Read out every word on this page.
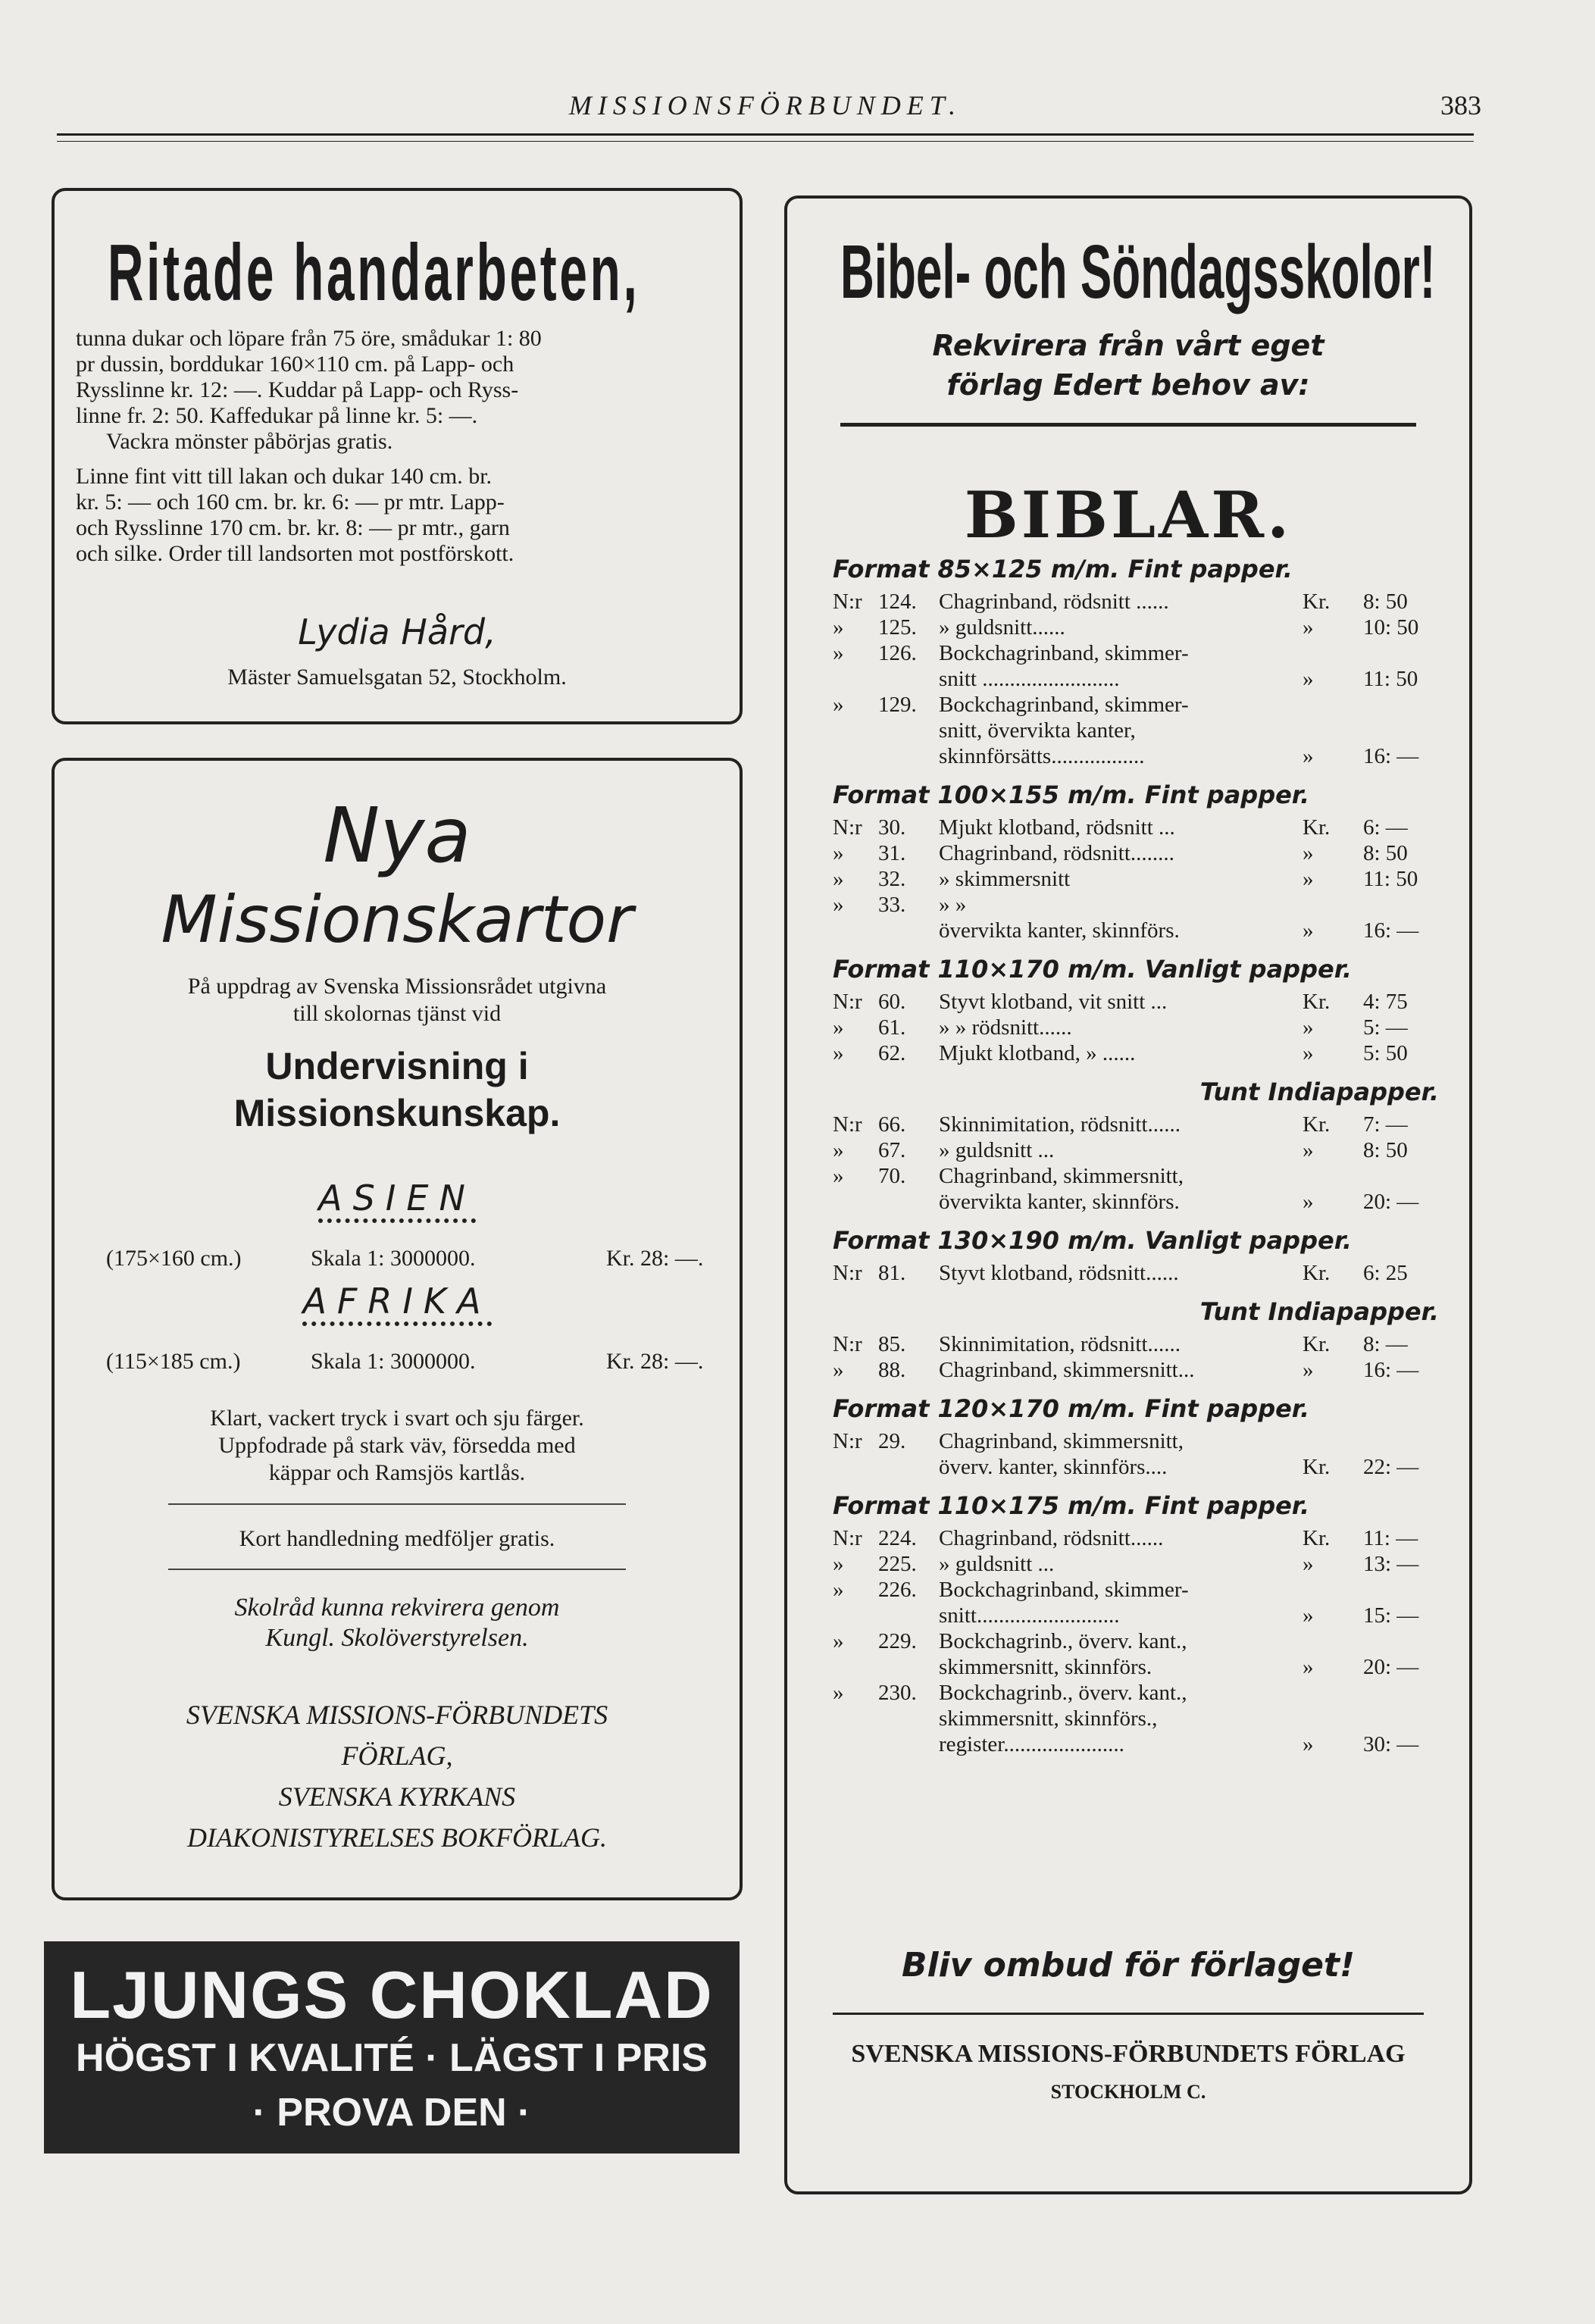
MISSIONSFÖRBUNDET.	383
Ritade handarbeten,
tunna dukar och löpare från 75 öre, smådukar 1: 80
pr dussin, borddukar 160×110 cm. på Lapp- och
Rysslinne kr. 12: —. Kuddar på Lapp- och Ryss-
linne fr. 2: 50. Kaffedukar på linne kr. 5: —.
Vackra mönster påbörjas gratis.
Linne fint vitt till lakan och dukar 140 cm. br.
kr. 5: — och 160 cm. br. kr. 6: — pr mtr. Lapp-
och Rysslinne 170 cm. br. kr. 8: — pr mtr., garn
och silke. Order till landsorten mot postförskott.
Lydia Hård,
Mäster Samuelsgatan 52, Stockholm.
Nya
Missionskartor
På uppdrag av Svenska Missionsrådet utgivna
till skolornas tjänst vid
Undervisning i
Missionskunskap.
ASIEN
(175×160 cm.)	Skala 1: 3000000.	Kr. 28: —.
AFRIKA
(115×185 cm.)	Skala 1: 3000000.	Kr. 28: —.
Klart, vackert tryck i svart och sju färger.
Uppfodrade på stark väv, försedda med
käppar och Ramsjös kartlås.
Kort handledning medföljer gratis.
Skolråd kunna rekvirera genom
Kungl. Skolöverstyrelsen.
SVENSKA MISSIONS-FÖRBUNDETS
FÖRLAG,
SVENSKA KYRKANS
DIAKONISTYRELSES BOKFÖRLAG.
LJUNGS CHOKLAD
HÖGST I KVALITÉ · LÄGST I PRIS
· PROVA DEN ·
Bibel- och Söndagsskolor!
Rekvirera från vårt eget
förlag Edert behov av:
BIBLAR.
Format 85×125 m/m. Fint papper.
N:r 124. Chagrinband, rödsnitt ......	Kr. 8: 50
» 125. » guldsnitt......	» 10: 50
» 126. Bockchagrinband, skimmer-
snitt .........................	» 11: 50
» 129. Bockchagrinband, skimmer-
snitt, övervikta kanter,
skinnförsätts.................	» 16: —
Format 100×155 m/m. Fint papper.
N:r 30. Mjukt klotband, rödsnitt ...	Kr. 6: —
» 31. Chagrinband, rödsnitt........	» 8: 50
» 32. » skimmersnitt	» 11: 50
» 33. » »
övervikta kanter, skinnförs.	» 16: —
Format 110×170 m/m. Vanligt papper.
N:r 60. Styvt klotband, vit snitt ...	Kr. 4: 75
» 61. » » rödsnitt......	» 5: —
» 62. Mjukt klotband, » ......	» 5: 50
Tunt Indiapapper.
N:r 66. Skinnimitation, rödsnitt......	Kr. 7: —
» 67. » guldsnitt ...	» 8: 50
» 70. Chagrinband, skimmersnitt,
övervikta kanter, skinnförs.	» 20: —
Format 130×190 m/m. Vanligt papper.
N:r 81. Styvt klotband, rödsnitt......	Kr. 6: 25
Tunt Indiapapper.
N:r 85. Skinnimitation, rödsnitt......	Kr. 8: —
» 88. Chagrinband, skimmersnitt...	» 16: —
Format 120×170 m/m. Fint papper.
N:r 29. Chagrinband, skimmersnitt,
överv. kanter, skinnförs....	Kr. 22: —
Format 110×175 m/m. Fint papper.
N:r 224. Chagrinband, rödsnitt......	Kr. 11: —
» 225. » guldsnitt ...	» 13: —
» 226. Bockchagrinband, skimmer-
snitt..........................	» 15: —
» 229. Bockchagrinb., överv. kant.,
skimmersnitt, skinnförs.	» 20: —
» 230. Bockchagrinb., överv. kant.,
skimmersnitt, skinnförs.,
register......................	» 30: —
Bliv ombud för förlaget!
SVENSKA MISSIONS-FÖRBUNDETS FÖRLAG
STOCKHOLM C.
